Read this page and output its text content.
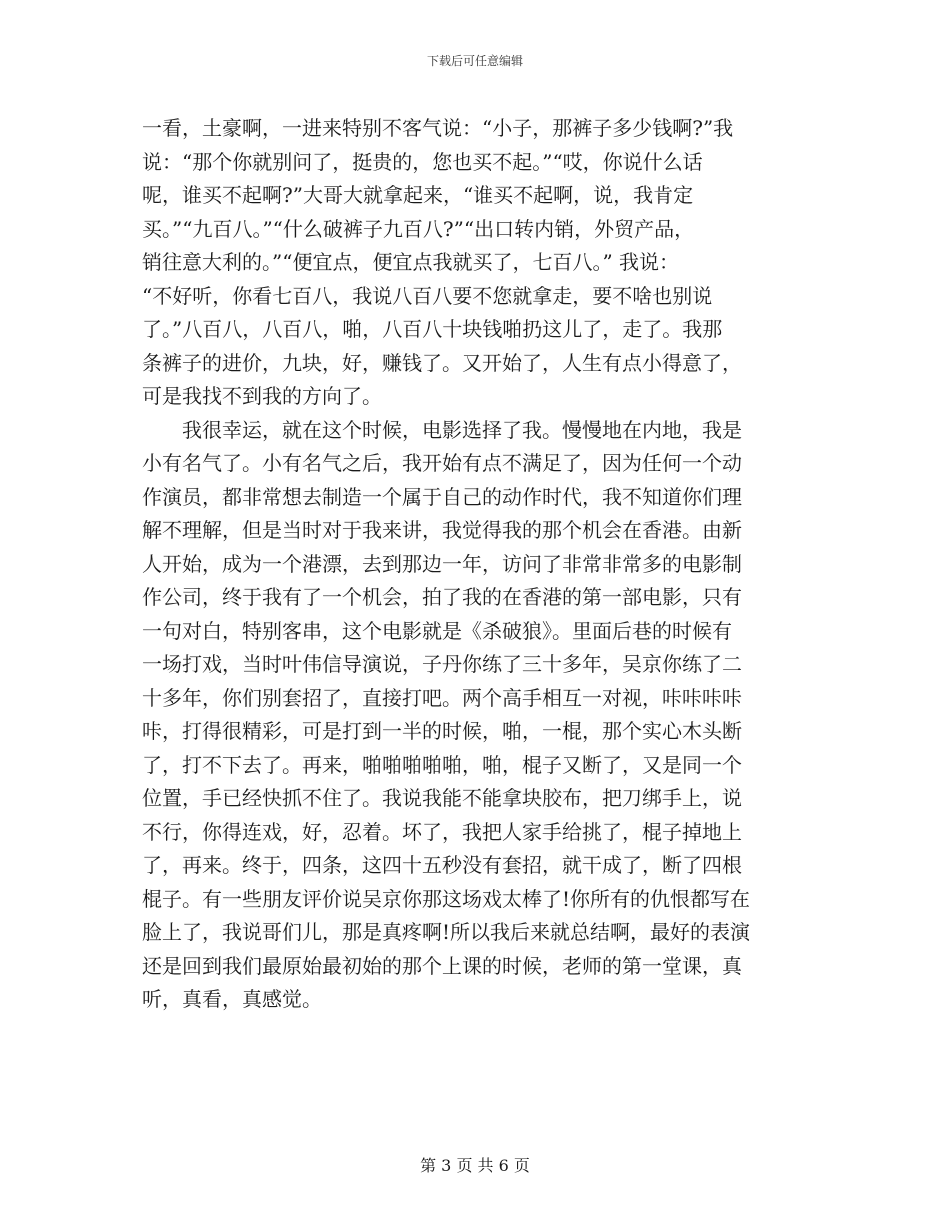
下载后可任意编辑
一看，土豪啊，一进来特别不客气说：“小子，那裤子多少钱啊?”我
说：“那个你就别问了，挺贵的，您也买不起。”“哎，你说什么话
呢，谁买不起啊?”大哥大就拿起来，“谁买不起啊，说，我肯定
买。”“九百八。”“什么破裤子九百八?”“出口转内销，外贸产品，
销往意大利的。”“便宜点，便宜点我就买了，七百八。” 我说：
“不好听，你看七百八，我说八百八要不您就拿走，要不啥也别说
了。”八百八，八百八，啪，八百八十块钱啪扔这儿了，走了。我那
条裤子的进价，九块，好，赚钱了。又开始了，人生有点小得意了，
可是我找不到我的方向了。
我很幸运，就在这个时候，电影选择了我。慢慢地在内地，我是
小有名气了。小有名气之后，我开始有点不满足了，因为任何一个动
作演员，都非常想去制造一个属于自己的动作时代，我不知道你们理
解不理解，但是当时对于我来讲，我觉得我的那个机会在香港。由新
人开始，成为一个港漂，去到那边一年，访问了非常非常多的电影制
作公司，终于我有了一个机会，拍了我的在香港的第一部电影，只有
一句对白，特别客串，这个电影就是《杀破狼》。里面后巷的时候有
一场打戏，当时叶伟信导演说，子丹你练了三十多年，吴京你练了二
十多年，你们别套招了，直接打吧。两个高手相互一对视，咔咔咔咔
咔，打得很精彩，可是打到一半的时候，啪，一棍，那个实心木头断
了，打不下去了。再来，啪啪啪啪啪，啪，棍子又断了，又是同一个
位置，手已经快抓不住了。我说我能不能拿块胶布，把刀绑手上，说
不行，你得连戏，好，忍着。坏了，我把人家手给挑了，棍子掉地上
了，再来。终于，四条，这四十五秒没有套招，就干成了，断了四根
棍子。有一些朋友评价说吴京你那这场戏太棒了!你所有的仇恨都写在
脸上了，我说哥们儿，那是真疼啊!所以我后来就总结啊，最好的表演
还是回到我们最原始最初始的那个上课的时候，老师的第一堂课，真
听，真看，真感觉。
第 3 页 共 6 页
